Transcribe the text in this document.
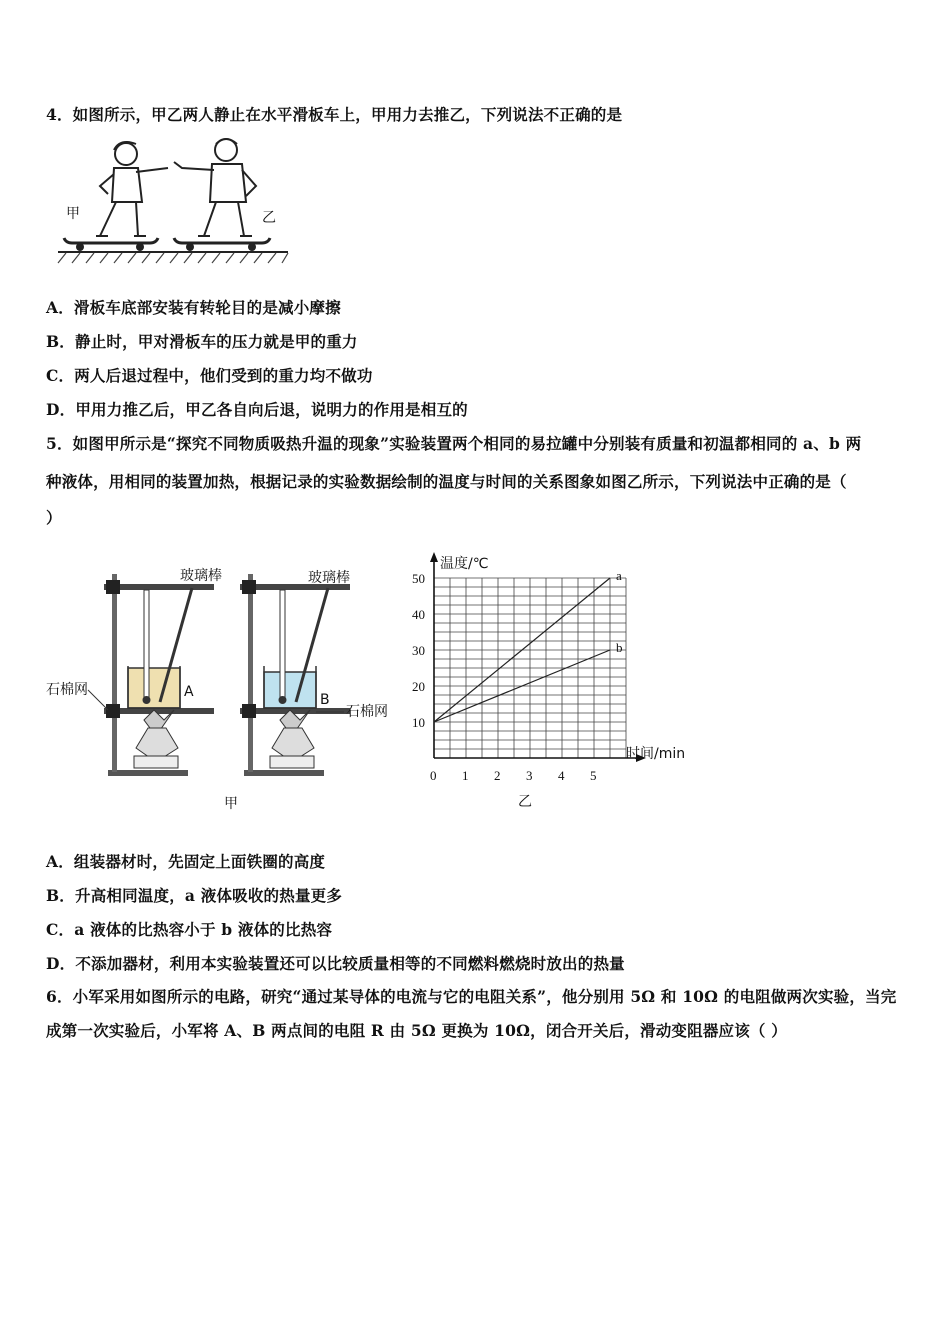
4．如图所示，甲乙两人静止在水平滑板车上，甲用力去推乙，下列说法不正确的是
甲	乙
A．滑板车底部安装有转轮目的是减小摩擦
B．静止时，甲对滑板车的压力就是甲的重力
C．两人后退过程中，他们受到的重力均不做功
D．甲用力推乙后，甲乙各自向后退，说明力的作用是相互的
5．如图甲所示是“探究不同物质吸热升温的现象”实验装置两个相同的易拉罐中分别装有质量和初温都相同的 a、b 两
种液体，用相同的装置加热，根据记录的实验数据绘制的温度与时间的关系图象如图乙所示，下列说法中正确的是（
）
玻璃棒	玻璃棒
石棉网
石棉网
A	B
甲
0 1 2 3 4 5
10
20
30
40
50	a
b
温度/℃
时间/min
乙
A．组装器材时，先固定上面铁圈的高度
B．升高相同温度，a 液体吸收的热量更多
C．a 液体的比热容小于 b 液体的比热容
D．不添加器材，利用本实验装置还可以比较质量相等的不同燃料燃烧时放出的热量
6．小军采用如图所示的电路，研究“通过某导体的电流与它的电阻关系”，他分别用 5Ω 和 10Ω 的电阻做两次实验，当完成第一次实验后，小军将 A、B 两点间的电阻 R 由 5Ω 更换为 10Ω，闭合开关后，滑动变阻器应该（ ）
